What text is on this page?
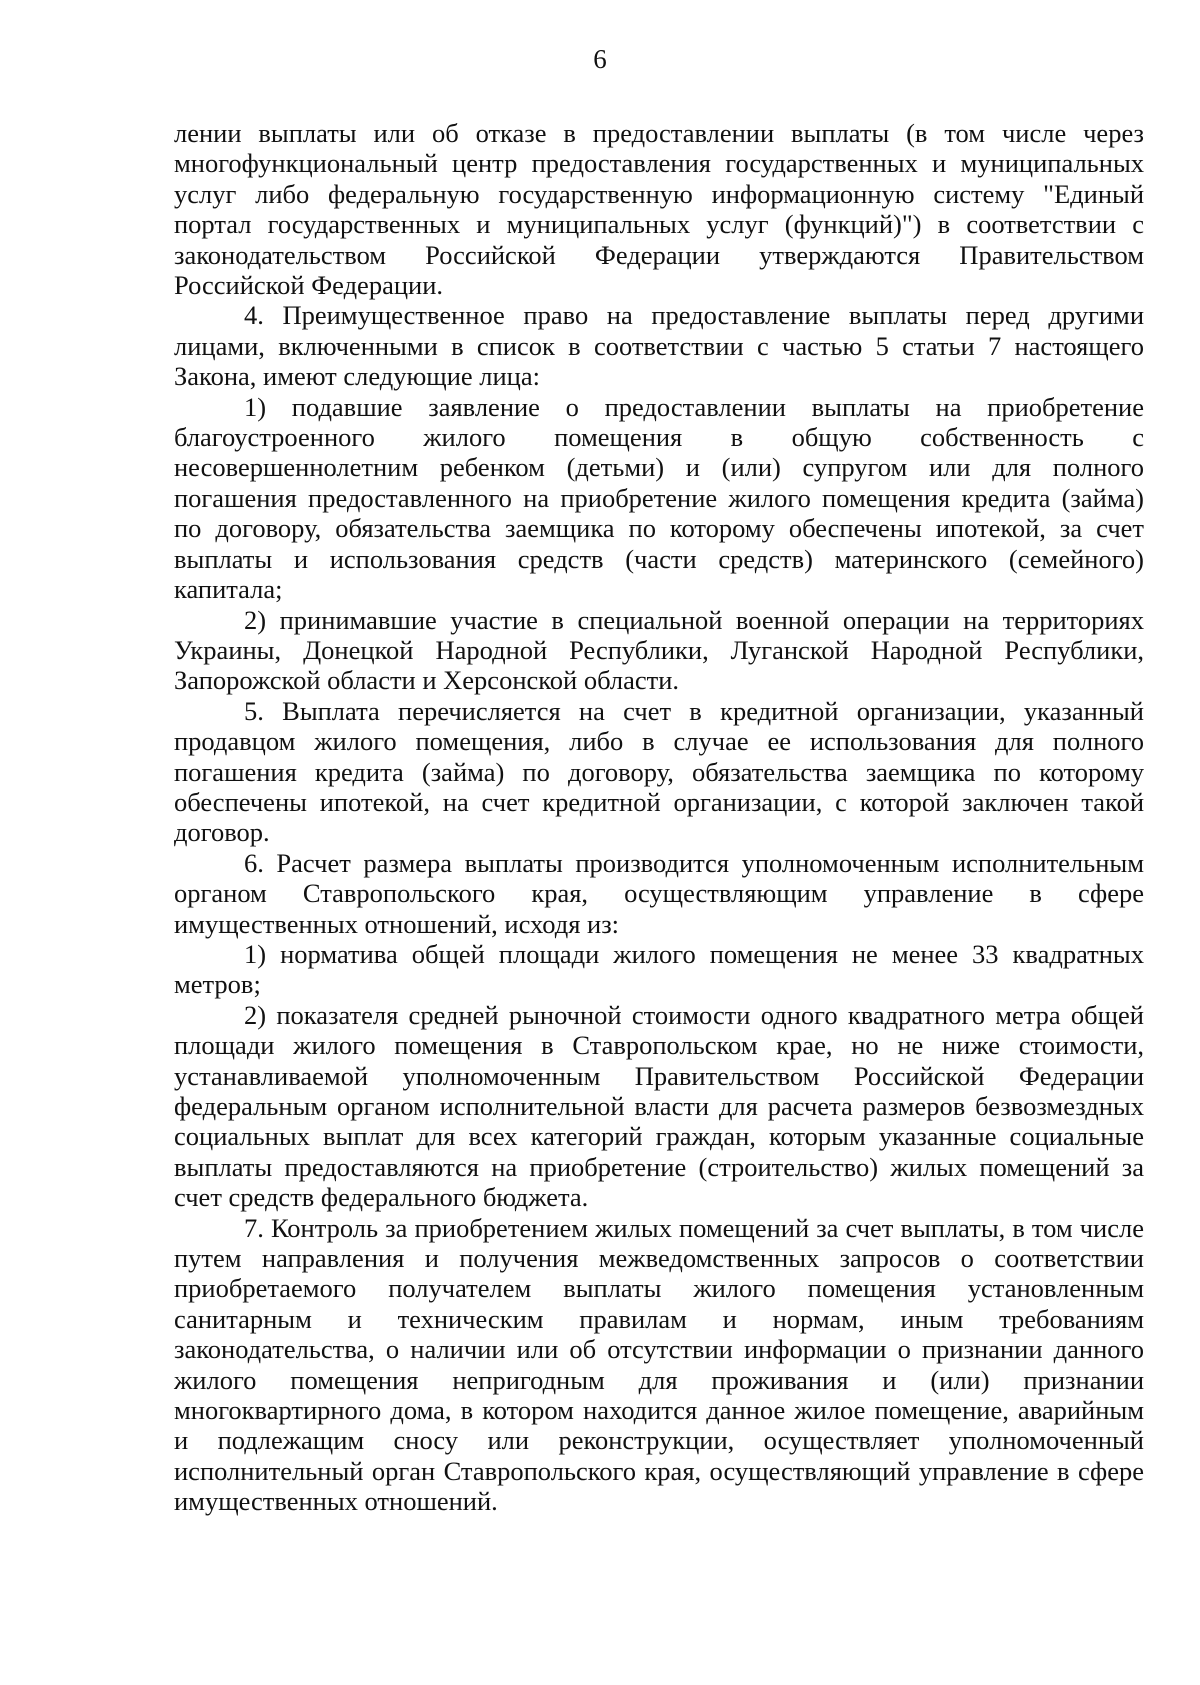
6

лении выплаты или об отказе в предоставлении выплаты (в том числе через многофункциональный центр предоставления государственных и муниципальных услуг либо федеральную государственную информационную систему "Единый портал государственных и муниципальных услуг (функций)") в соответствии с законодательством Российской Федерации утверждаются Правительством Российской Федерации.

4. Преимущественное право на предоставление выплаты перед другими лицами, включенными в список в соответствии с частью 5 статьи 7 настоящего Закона, имеют следующие лица:

1) подавшие заявление о предоставлении выплаты на приобретение благоустроенного жилого помещения в общую собственность с несовершеннолетним ребенком (детьми) и (или) супругом или для полного погашения предоставленного на приобретение жилого помещения кредита (займа) по договору, обязательства заемщика по которому обеспечены ипотекой, за счет выплаты и использования средств (части средств) материнского (семейного) капитала;

2) принимавшие участие в специальной военной операции на территориях Украины, Донецкой Народной Республики, Луганской Народной Республики, Запорожской области и Херсонской области.

5. Выплата перечисляется на счет в кредитной организации, указанный продавцом жилого помещения, либо в случае ее использования для полного погашения кредита (займа) по договору, обязательства заемщика по которому обеспечены ипотекой, на счет кредитной организации, с которой заключен такой договор.

6. Расчет размера выплаты производится уполномоченным исполнительным органом Ставропольского края, осуществляющим управление в сфере имущественных отношений, исходя из:

1) норматива общей площади жилого помещения не менее 33 квадратных метров;

2) показателя средней рыночной стоимости одного квадратного метра общей площади жилого помещения в Ставропольском крае, но не ниже стоимости, устанавливаемой уполномоченным Правительством Российской Федерации федеральным органом исполнительной власти для расчета размеров безвозмездных социальных выплат для всех категорий граждан, которым указанные социальные выплаты предоставляются на приобретение (строительство) жилых помещений за счет средств федерального бюджета.

7. Контроль за приобретением жилых помещений за счет выплаты, в том числе путем направления и получения межведомственных запросов о соответствии приобретаемого получателем выплаты жилого помещения установленным санитарным и техническим правилам и нормам, иным требованиям законодательства, о наличии или об отсутствии информации о признании данного жилого помещения непригодным для проживания и (или) признании многоквартирного дома, в котором находится данное жилое помещение, аварийным и подлежащим сносу или реконструкции, осуществляет уполномоченный исполнительный орган Ставропольского края, осуществляющий управление в сфере имущественных отношений.
